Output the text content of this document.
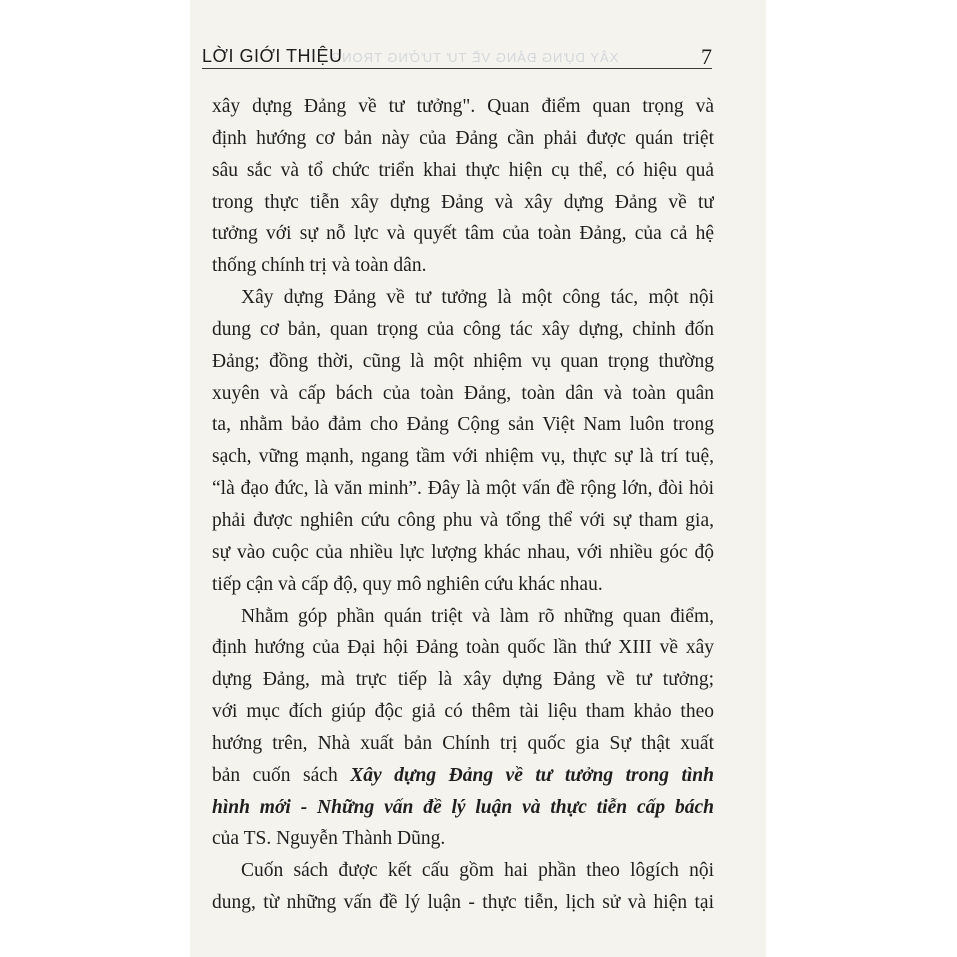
XÂY DỰNG ĐẢNG VỀ TƯ TƯỞNG TRONG
LỜI GIỚI THIỆU	7
xây dựng Đảng về tư tưởng". Quan điểm quan trọng và
định hướng cơ bản này của Đảng cần phải được quán triệt
sâu sắc và tổ chức triển khai thực hiện cụ thể, có hiệu quả
trong thực tiễn xây dựng Đảng và xây dựng Đảng về tư
tưởng với sự nỗ lực và quyết tâm của toàn Đảng, của cả hệ
thống chính trị và toàn dân.
Xây dựng Đảng về tư tưởng là một công tác, một nội
dung cơ bản, quan trọng của công tác xây dựng, chỉnh đốn
Đảng; đồng thời, cũng là một nhiệm vụ quan trọng thường
xuyên và cấp bách của toàn Đảng, toàn dân và toàn quân
ta, nhằm bảo đảm cho Đảng Cộng sản Việt Nam luôn trong
sạch, vững mạnh, ngang tầm với nhiệm vụ, thực sự là trí tuệ,
“là đạo đức, là văn minh”. Đây là một vấn đề rộng lớn, đòi hỏi
phải được nghiên cứu công phu và tổng thể với sự tham gia,
sự vào cuộc của nhiều lực lượng khác nhau, với nhiều góc độ
tiếp cận và cấp độ, quy mô nghiên cứu khác nhau.
Nhằm góp phần quán triệt và làm rõ những quan điểm,
định hướng của Đại hội Đảng toàn quốc lần thứ XIII về xây
dựng Đảng, mà trực tiếp là xây dựng Đảng về tư tưởng;
với mục đích giúp độc giả có thêm tài liệu tham khảo theo
hướng trên, Nhà xuất bản Chính trị quốc gia Sự thật xuất
bản cuốn sách Xây dựng Đảng về tư tưởng trong tình
hình mới - Những vấn đề lý luận và thực tiễn cấp bách
của TS. Nguyễn Thành Dũng.
Cuốn sách được kết cấu gồm hai phần theo lôgích nội
dung, từ những vấn đề lý luận - thực tiễn, lịch sử và hiện tại
